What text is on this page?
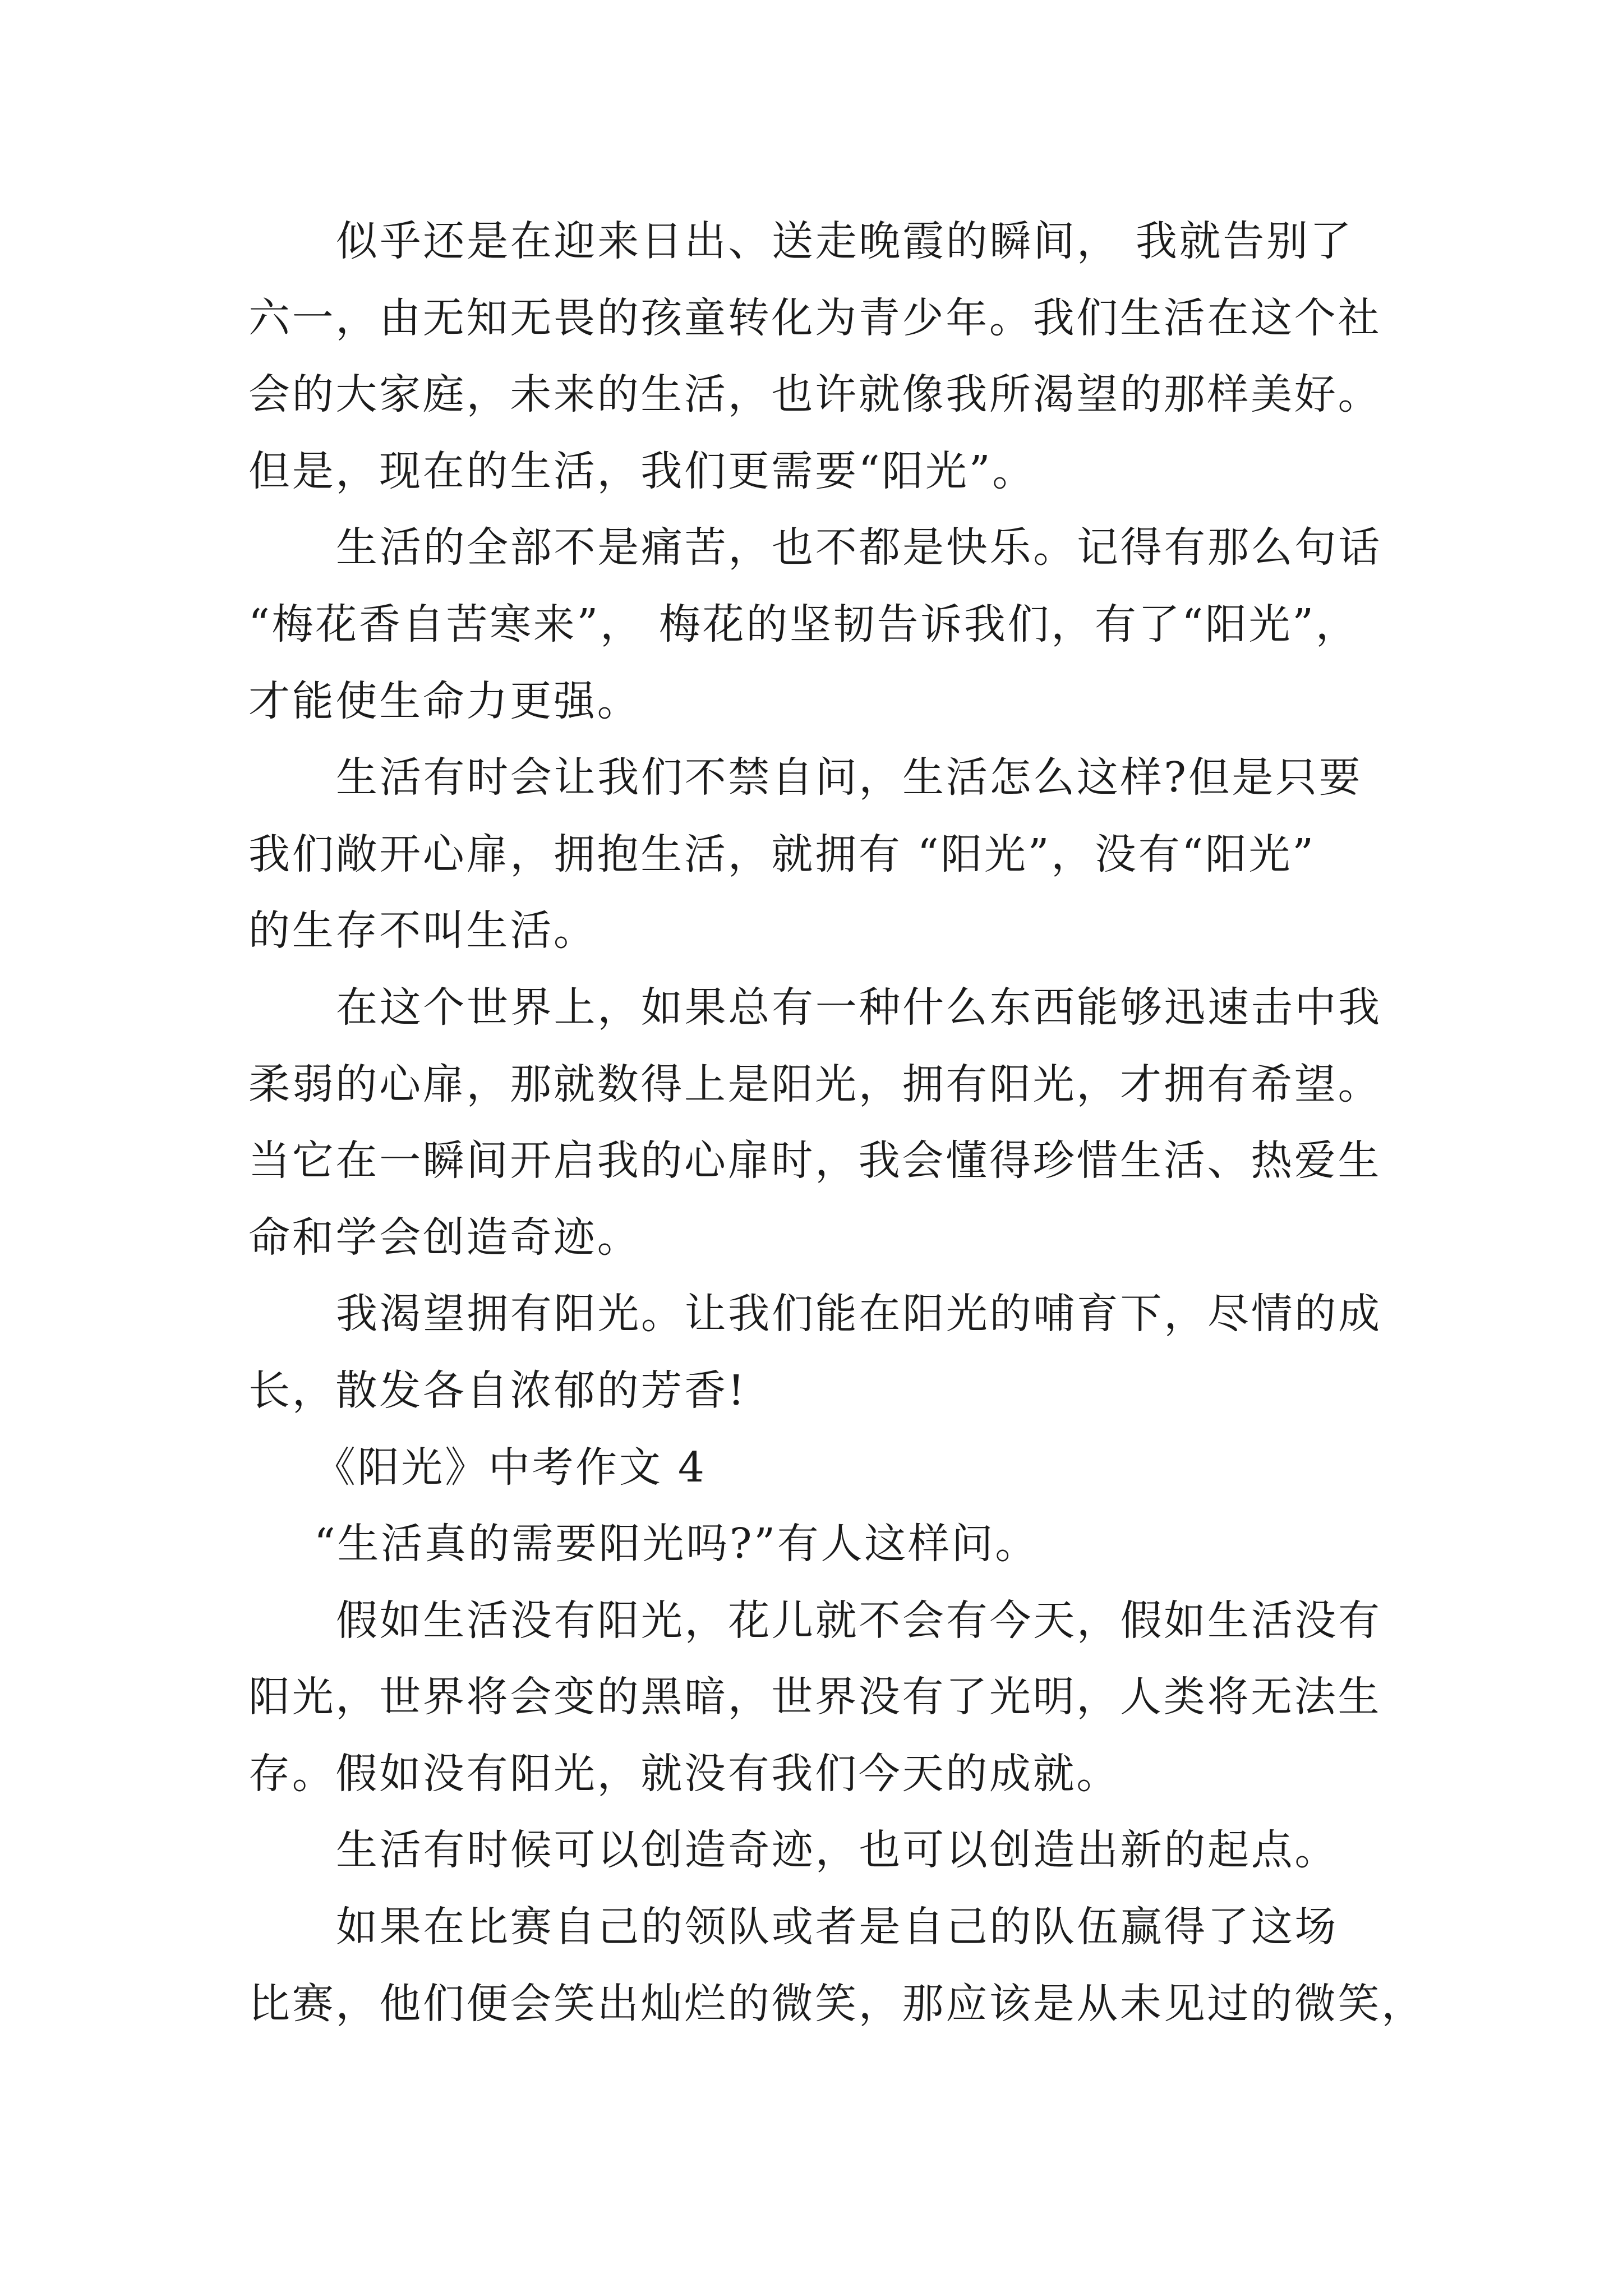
似乎还是在迎来日出、送走晚霞的瞬间， 我就告别了
六一，由无知无畏的孩童转化为青少年。我们生活在这个社
会的大家庭，未来的生活，也许就像我所渴望的那样美好。
但是，现在的生活，我们更需要“阳光”。
生活的全部不是痛苦，也不都是快乐。记得有那么句话
“梅花香自苦寒来”， 梅花的坚韧告诉我们，有了“阳光”，
才能使生命力更强。
生活有时会让我们不禁自问，生活怎么这样?但是只要
我们敞开心扉，拥抱生活，就拥有 “阳光”，没有“阳光”
的生存不叫生活。
在这个世界上，如果总有一种什么东西能够迅速击中我
柔弱的心扉，那就数得上是阳光，拥有阳光，才拥有希望。
当它在一瞬间开启我的心扉时，我会懂得珍惜生活、热爱生
命和学会创造奇迹。
我渴望拥有阳光。让我们能在阳光的哺育下，尽情的成
长，散发各自浓郁的芳香!
《阳光》中考作文 4
“生活真的需要阳光吗?”有人这样问。
假如生活没有阳光，花儿就不会有今天，假如生活没有
阳光，世界将会变的黑暗，世界没有了光明，人类将无法生
存。假如没有阳光，就没有我们今天的成就。
生活有时候可以创造奇迹，也可以创造出新的起点。
如果在比赛自己的领队或者是自己的队伍赢得了这场
比赛，他们便会笑出灿烂的微笑，那应该是从未见过的微笑，
